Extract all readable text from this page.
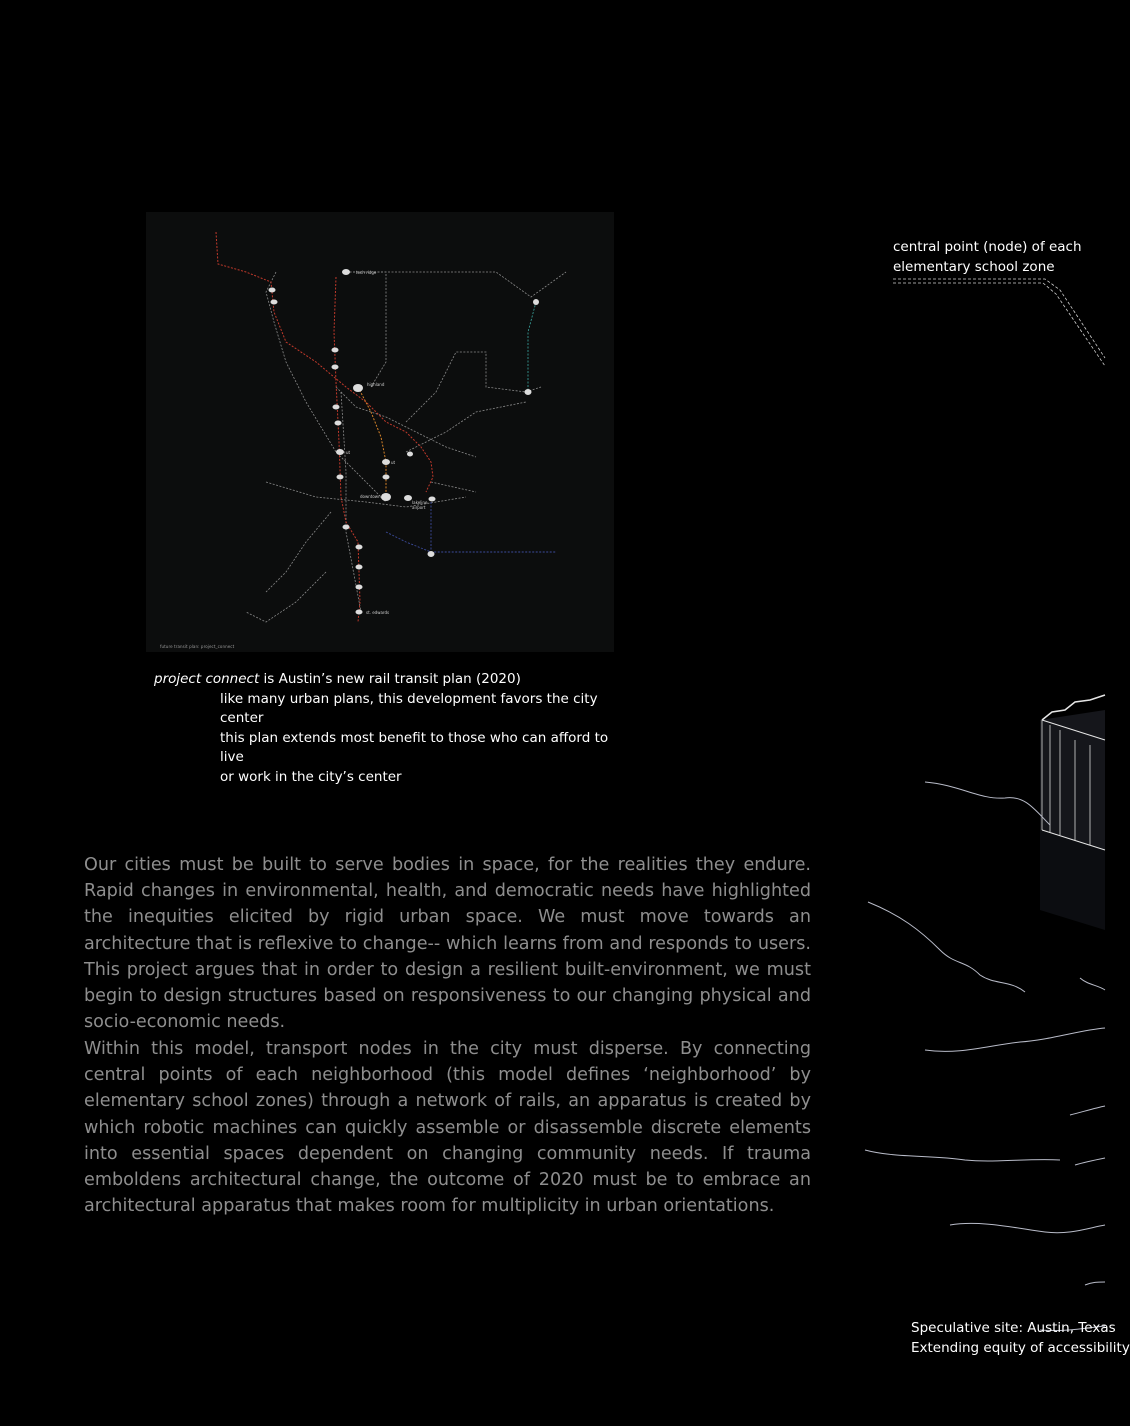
tech ridge
highland
ut
ut
downtown
lakeline
airport
st. edwards
future transit plan: project_connect
project connect is Austin’s new rail transit plan (2020)
like many urban plans, this development favors the city center
this plan extends most benefit to those who can afford to live
or work in the city’s center

Our cities must be built to serve bodies in space, for the realities they endure. Rapid changes in environmental, health, and democratic needs have highlighted the inequities elicited by rigid urban space. We must move towards an architecture that is reflexive to change-- which learns from and responds to users. This project argues that in order to design a resilient built-environment, we must begin to design structures based on responsiveness to our changing physical and socio-economic needs.

Within this model, transport nodes in the city must disperse. By connecting central points of each neighborhood (this model defines ‘neighborhood’ by elementary school zones) through a network of rails, an apparatus is created by which robotic machines can quickly assemble or disassemble discrete elements into essential spaces dependent on changing community needs. If trauma emboldens architectural change, the outcome of 2020 must be to embrace an architectural apparatus that makes room for multiplicity in urban orientations.

central point (node) of each
elementary school zone
Speculative site: Austin, Texas
Extending equity of accessibility
